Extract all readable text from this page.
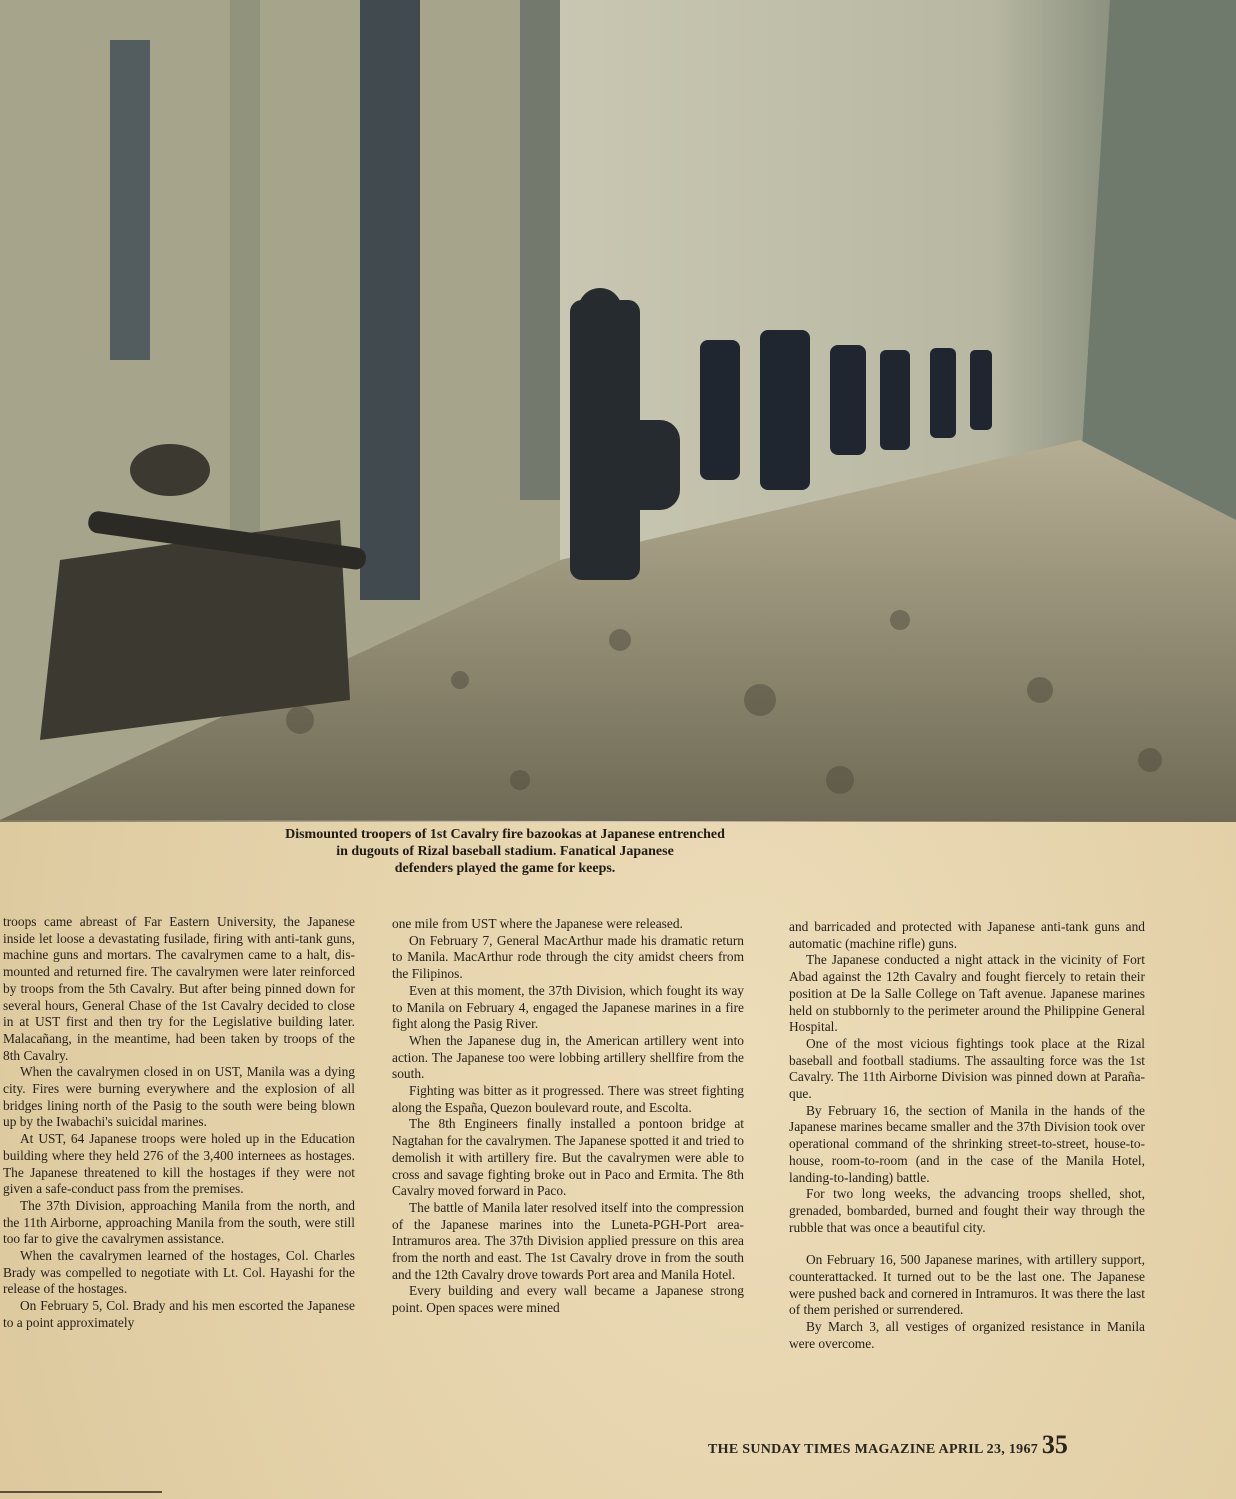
Dismounted troopers of 1st Cavalry fire bazookas at Japanese entrenched
in dugouts of Rizal baseball stadium. Fanatical Japanese
defenders played the game for keeps.

troops came abreast of Far Eastern University, the Japanese inside let loose a devastating fusilade, firing with anti-tank guns, machine guns and mortars. The cavalrymen came to a halt, dismounted and returned fire. The cavalrymen were later reinforced by troops from the 5th Cavalry. But after being pinned down for several hours, General Chase of the 1st Cavalry decided to close in at UST first and then try for the Legislative building later. Malacañang, in the meantime, had been taken by troops of the 8th Cavalry.

When the cavalrymen closed in on UST, Manila was a dying city. Fires were burning everywhere and the explosion of all bridges lining north of the Pasig to the south were being blown up by the Iwabachi's suicidal marines.

At UST, 64 Japanese troops were holed up in the Education building where they held 276 of the 3,400 internees as hostages. The Japanese threatened to kill the hostages if they were not given a safe-conduct pass from the premises.

The 37th Division, approaching Manila from the north, and the 11th Airborne, approaching Manila from the south, were still too far to give the cavalrymen assistance.

When the cavalrymen learned of the hostages, Col. Charles Brady was compelled to negotiate with Lt. Col. Hayashi for the release of the hostages.

On February 5, Col. Brady and his men escorted the Japanese to a point approximately

one mile from UST where the Japanese were released.

On February 7, General MacArthur made his dramatic return to Manila. MacArthur rode through the city amidst cheers from the Filipinos.

Even at this moment, the 37th Division, which fought its way to Manila on February 4, engaged the Japanese marines in a fire fight along the Pasig River.

When the Japanese dug in, the American artillery went into action. The Japanese too were lobbing artillery shellfire from the south.

Fighting was bitter as it progressed. There was street fighting along the España, Quezon boulevard route, and Escolta.

The 8th Engineers finally installed a pontoon bridge at Nagtahan for the cavalrymen. The Japanese spotted it and tried to demolish it with artillery fire. But the cavalrymen were able to cross and savage fighting broke out in Paco and Ermita. The 8th Cavalry moved forward in Paco.

The battle of Manila later resolved itself into the compression of the Japanese marines into the Luneta-PGH-Port area-Intramuros area. The 37th Division applied pressure on this area from the north and east. The 1st Cavalry drove in from the south and the 12th Cavalry drove towards Port area and Manila Hotel.

Every building and every wall became a Japanese strong point. Open spaces were mined

and barricaded and protected with Japanese anti-tank guns and automatic (machine rifle) guns.

The Japanese conducted a night attack in the vicinity of Fort Abad against the 12th Cavalry and fought fiercely to retain their position at De la Salle College on Taft avenue. Japanese marines held on stubbornly to the perimeter around the Philippine General Hospital.

One of the most vicious fightings took place at the Rizal baseball and football stadiums. The assaulting force was the 1st Cavalry. The 11th Airborne Division was pinned down at Parañaque.

By February 16, the section of Manila in the hands of the Japanese marines became smaller and the 37th Division took over operational command of the shrinking street-to-street, house-to-house, room-to-room (and in the case of the Manila Hotel, landing-to-landing) battle.

For two long weeks, the advancing troops shelled, shot, grenaded, bombarded, burned and fought their way through the rubble that was once a beautiful city.

On February 16, 500 Japanese marines, with artillery support, counterattacked. It turned out to be the last one. The Japanese were pushed back and cornered in Intramuros. It was there the last of them perished or surrendered.

By March 3, all vestiges of organized resistance in Manila were overcome.

THE SUNDAY TIMES MAGAZINE APRIL 23, 1967 35
